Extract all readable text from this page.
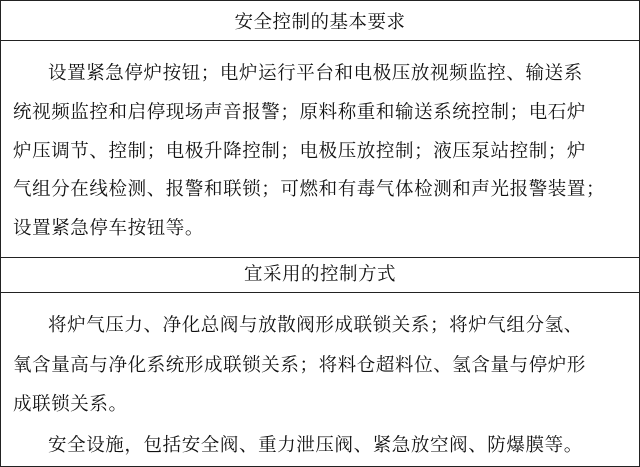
安全控制的基本要求
设置紧急停炉按钮；电炉运行平台和电极压放视频监控、输送系
统视频监控和启停现场声音报警；原料称重和输送系统控制；电石炉
炉压调节、控制；电极升降控制；电极压放控制；液压泵站控制；炉
气组分在线检测、报警和联锁；可燃和有毒气体检测和声光报警装置；
设置紧急停车按钮等。
宜采用的控制方式
将炉气压力、净化总阀与放散阀形成联锁关系；将炉气组分氢、
氧含量高与净化系统形成联锁关系；将料仓超料位、氢含量与停炉形
成联锁关系。
安全设施，包括安全阀、重力泄压阀、紧急放空阀、防爆膜等。
